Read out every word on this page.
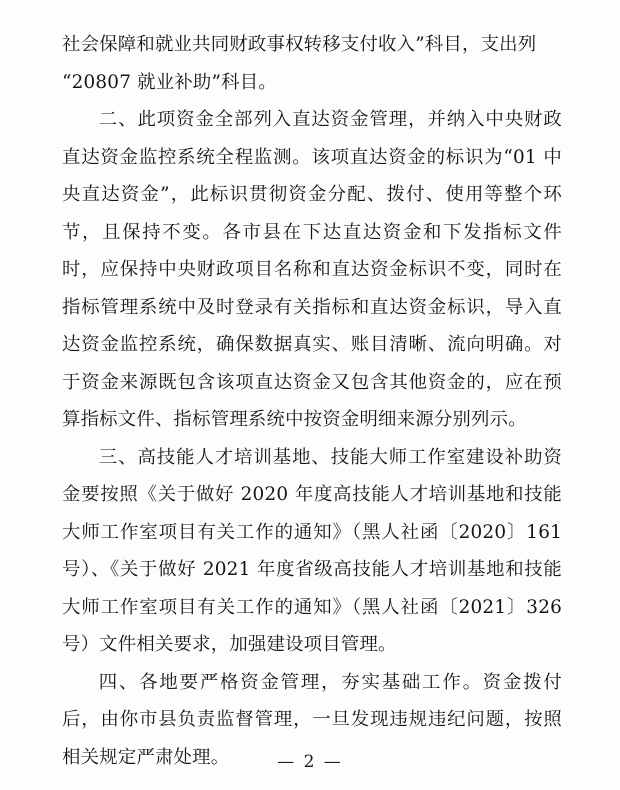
社会保障和就业共同财政事权转移支付收入”科目，支出列

“20807 就业补助”科目。

二、此项资金全部列入直达资金管理，并纳入中央财政直达资金监控系统全程监测。该项直达资金的标识为“01 中央直达资金”，此标识贯彻资金分配、拨付、使用等整个环节，且保持不变。各市县在下达直达资金和下发指标文件时，应保持中央财政项目名称和直达资金标识不变，同时在指标管理系统中及时登录有关指标和直达资金标识，导入直达资金监控系统，确保数据真实、账目清晰、流向明确。对于资金来源既包含该项直达资金又包含其他资金的，应在预算指标文件、指标管理系统中按资金明细来源分别列示。

三、高技能人才培训基地、技能大师工作室建设补助资金要按照《关于做好 2020 年度高技能人才培训基地和技能大师工作室项目有关工作的通知》（黑人社函〔2020〕161 号）、《关于做好 2021 年度省级高技能人才培训基地和技能大师工作室项目有关工作的通知》（黑人社函〔2021〕326 号）文件相关要求，加强建设项目管理。

四、各地要严格资金管理，夯实基础工作。资金拨付后，由你市县负责监督管理，一旦发现违规违纪问题，按照相关规定严肃处理。	— 2 —
